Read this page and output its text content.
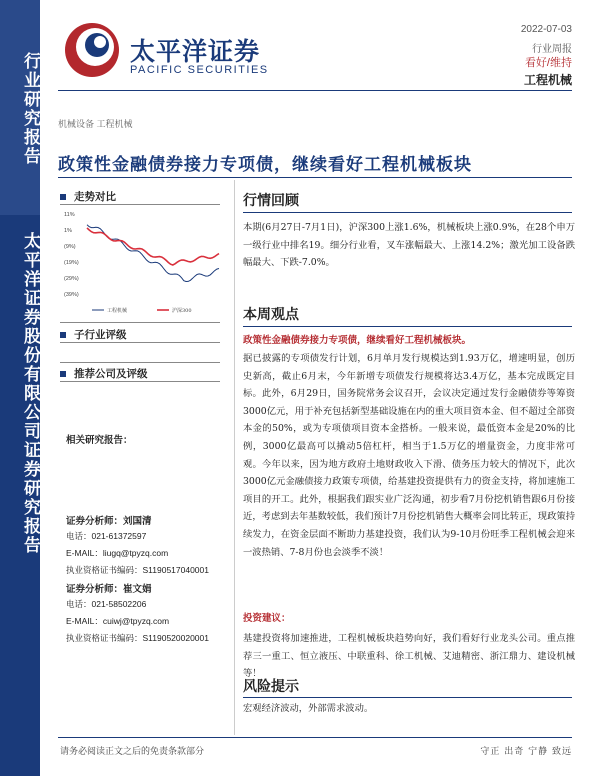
行业研究报告
太平洋证券股份有限公司证券研究报告
太平洋证券
PACIFIC SECURITIES
2022-07-03
行业周报
看好/维持
工程机械
机械设备 工程机械
政策性金融债券接力专项债，继续看好工程机械板块
走势对比
11%
1%
(9%)
(19%)
(29%)
(39%)
工程机械	沪深300
子行业评级
推荐公司及评级
相关研究报告：
证券分析师：刘国清
电话：021-61372597
E-MAIL：liugq@tpyzq.com
执业资格证书编码：S1190517040001
证券分析师：崔文娟
电话：021-58502206
E-MAIL：cuiwj@tpyzq.com
执业资格证书编码：S1190520020001
行情回顾
本期(6月27日-7月1日)，沪深300上涨1.6%，机械板块上涨0.9%，在28个申万一级行业中排名19。细分行业看，叉车涨幅最大、上涨14.2%；激光加工设备跌幅最大、下跌-7.0%。
本周观点
政策性金融债券接力专项债，继续看好工程机械板块。
据已披露的专项债发行计划，6月单月发行规模达到1.93万亿，增速明显，创历史新高，截止6月末，今年新增专项债发行规模将达3.4万亿，基本完成既定目标。此外，6月29日，国务院常务会议召开，会议决定通过发行金融债券等筹资3000亿元，用于补充包括新型基础设施在内的重大项目资本金、但不超过全部资本金的50%，或为专项债项目资本金搭桥。一般来说，最低资本金是20%的比例，3000亿最高可以撬动5倍杠杆，相当于1.5万亿的增量资金，力度非常可观。今年以来，因为地方政府土地财政收入下滑、债务压力较大的情况下，此次3000亿元金融债接力政策专项债，给基建投资提供有力的资金支持，将加速施工项目的开工。此外，根据我们跟实业广泛沟通，初步看7月份挖机销售跟6月份接近，考虑到去年基数较低，我们预计7月份挖机销售大概率会同比转正，现政策持续发力，在资金层面不断助力基建投资，我们认为9-10月份旺季工程机械会迎来一波热销、7-8月份也会淡季不淡！
投资建议：
基建投资将加速推进，工程机械板块趋势向好，我们看好行业龙头公司。重点推荐三一重工、恒立液压、中联重科、徐工机械、艾迪精密、浙江鼎力、建设机械等！
风险提示
宏观经济波动，外部需求波动。
请务必阅读正文之后的免责条款部分	守正 出奇 宁静 致远
